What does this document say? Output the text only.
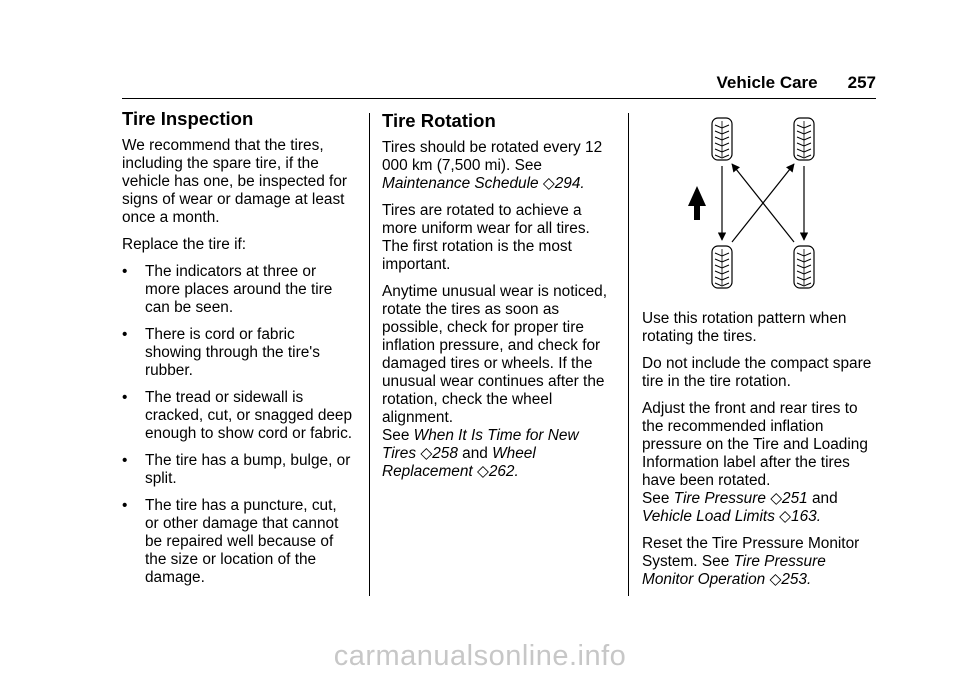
Vehicle Care 257
Tire Inspection

We recommend that the tires, including the spare tire, if the vehicle has one, be inspected for signs of wear or damage at least once a month.

Replace the tire if:

• The indicators at three or more places around the tire can be seen.
• There is cord or fabric showing through the tire's rubber.
• The tread or sidewall is cracked, cut, or snagged deep enough to show cord or fabric.
• The tire has a bump, bulge, or split.
• The tire has a puncture, cut, or other damage that cannot be repaired well because of the size or location of the damage.
Tire Rotation

Tires should be rotated every 12 000 km (7,500 mi). See
Maintenance Schedule ◇294.

Tires are rotated to achieve a more uniform wear for all tires. The first rotation is the most important.

Anytime unusual wear is noticed, rotate the tires as soon as possible, check for proper tire inflation pressure, and check for damaged tires or wheels. If the unusual wear continues after the rotation, check the wheel alignment.
See When It Is Time for New Tires ◇258 and Wheel Replacement ◇262.

Use this rotation pattern when rotating the tires.

Do not include the compact spare tire in the tire rotation.

Adjust the front and rear tires to the recommended inflation pressure on the Tire and Loading Information label after the tires have been rotated.
See Tire Pressure ◇251 and
Vehicle Load Limits ◇163.

Reset the Tire Pressure Monitor System. See Tire Pressure Monitor Operation ◇253.

carmanualsonline.info
